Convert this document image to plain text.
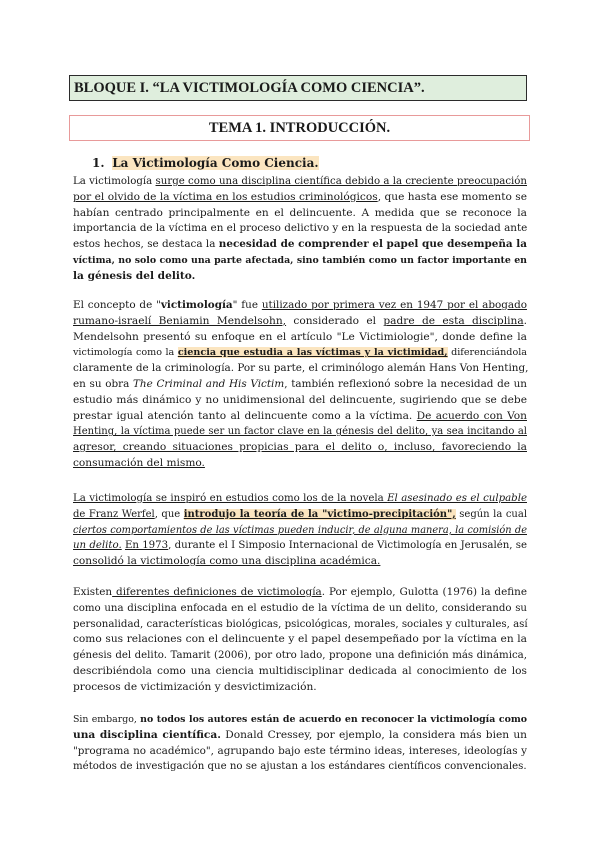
BLOQUE I. “LA VICTIMOLOGÍA COMO CIENCIA”.
TEMA 1. INTRODUCCIÓN.
1. La Victimología Como Ciencia.
La victimología surge como una disciplina científica debido a la creciente preocupación
por el olvido de la víctima en los estudios criminológicos, que hasta ese momento se
habían centrado principalmente en el delincuente. A medida que se reconoce la
importancia de la víctima en el proceso delictivo y en la respuesta de la sociedad ante
estos hechos, se destaca la necesidad de comprender el papel que desempeña la
víctima, no solo como una parte afectada, sino también como un factor importante en
la génesis del delito.
El concepto de "victimología" fue utilizado por primera vez en 1947 por el abogado
rumano-israelí Beniamin Mendelsohn, considerado el padre de esta disciplina.
Mendelsohn presentó su enfoque en el artículo "Le Victimiologie", donde define la
victimología como la ciencia que estudia a las víctimas y la victimidad, diferenciándola
claramente de la criminología. Por su parte, el criminólogo alemán Hans Von Henting,
en su obra The Criminal and His Victim, también reflexionó sobre la necesidad de un
estudio más dinámico y no unidimensional del delincuente, sugiriendo que se debe
prestar igual atención tanto al delincuente como a la víctima. De acuerdo con Von
Henting, la víctima puede ser un factor clave en la génesis del delito, ya sea incitando al
agresor, creando situaciones propicias para el delito o, incluso, favoreciendo la
consumación del mismo.
La victimología se inspiró en estudios como los de la novela El asesinado es el culpable
de Franz Werfel, que introdujo la teoría de la "victimo-precipitación", según la cual
ciertos comportamientos de las víctimas pueden inducir, de alguna manera, la comisión de
un delito. En 1973, durante el I Simposio Internacional de Victimología en Jerusalén, se
consolidó la victimología como una disciplina académica.
Existen diferentes definiciones de victimología. Por ejemplo, Gulotta (1976) la define
como una disciplina enfocada en el estudio de la víctima de un delito, considerando su
personalidad, características biológicas, psicológicas, morales, sociales y culturales, así
como sus relaciones con el delincuente y el papel desempeñado por la víctima en la
génesis del delito. Tamarit (2006), por otro lado, propone una definición más dinámica,
describiéndola como una ciencia multidisciplinar dedicada al conocimiento de los
procesos de victimización y desvictimización.
Sin embargo, no todos los autores están de acuerdo en reconocer la victimología como
una disciplina científica. Donald Cressey, por ejemplo, la considera más bien un
"programa no académico", agrupando bajo este término ideas, intereses, ideologías y
métodos de investigación que no se ajustan a los estándares científicos convencionales.
